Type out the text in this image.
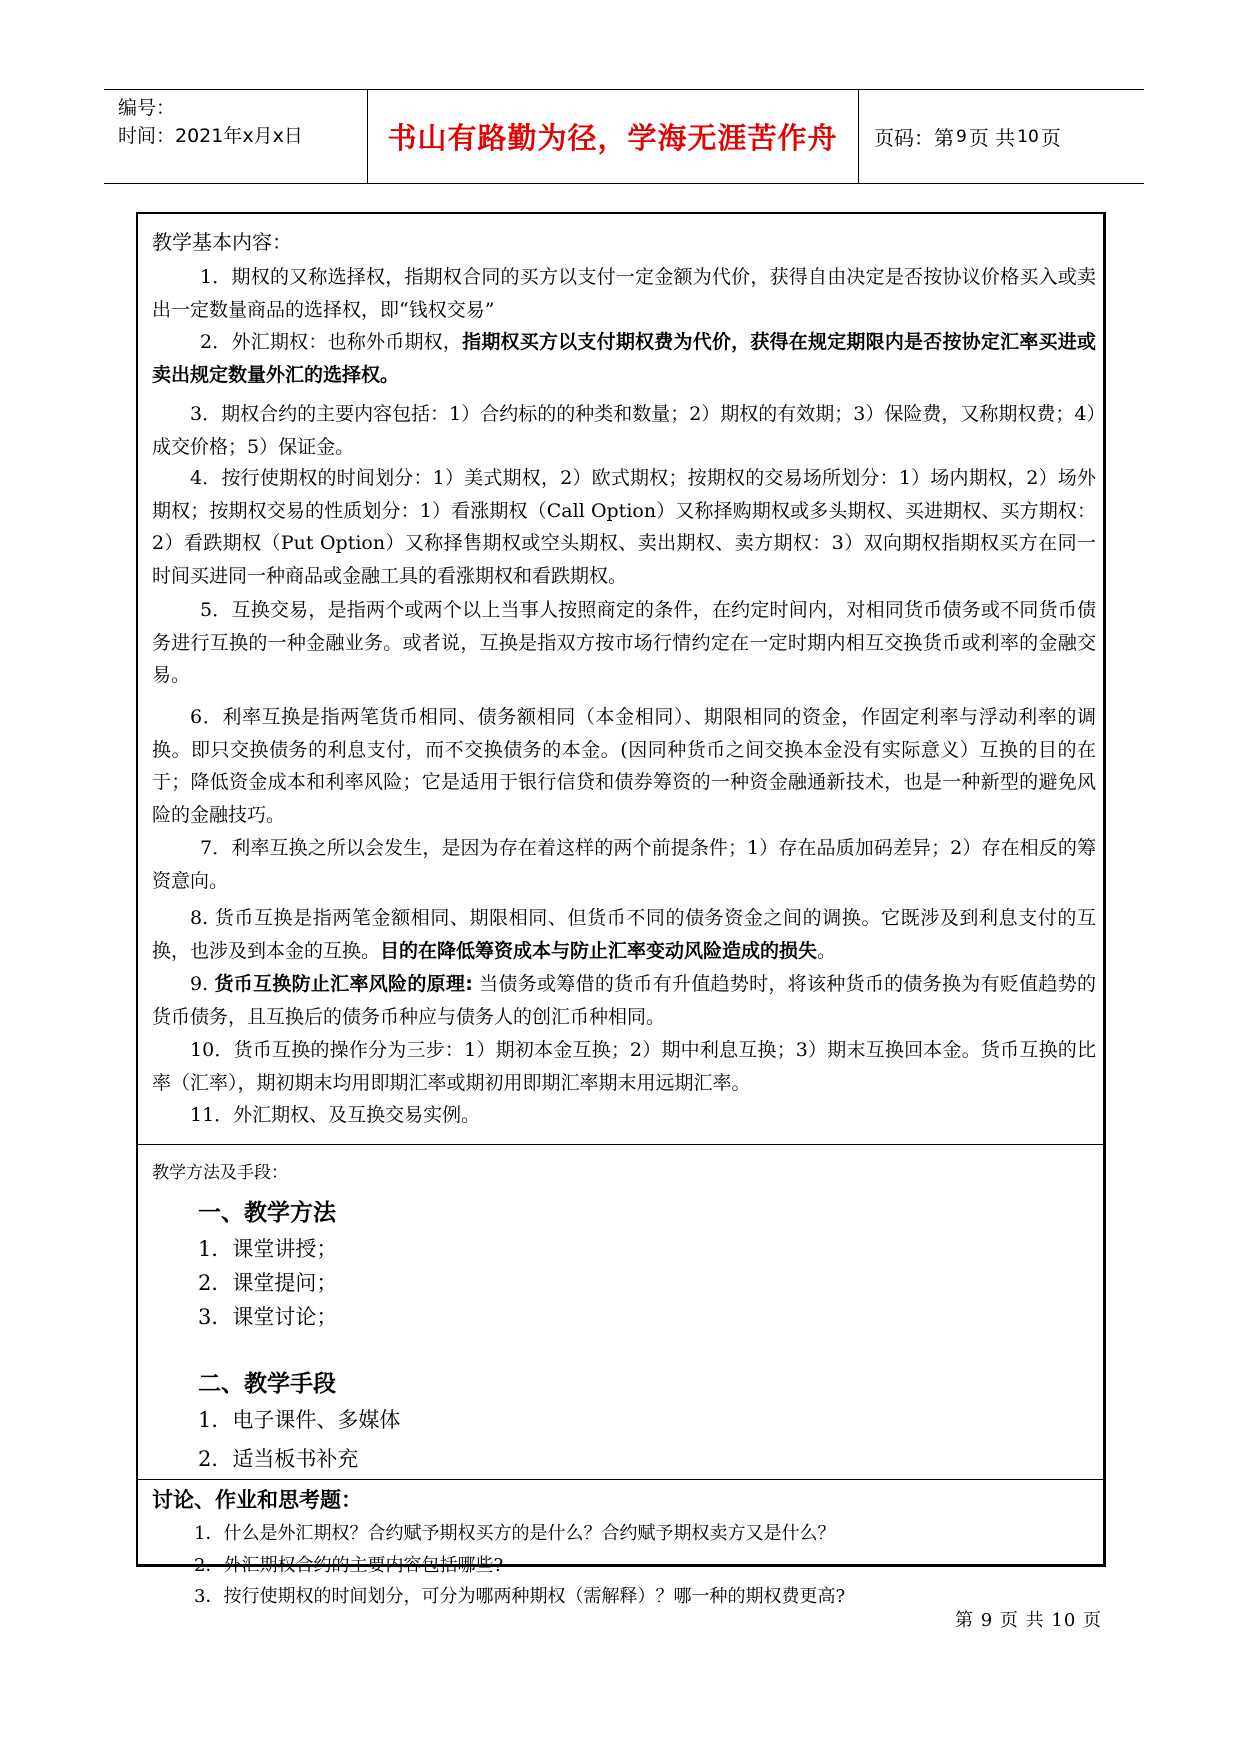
编号：
时间：2021年x月x日	书山有路勤为径，学海无涯苦作舟	页码：第 9 页 共 10 页
教学基本内容：
1．期权的又称选择权，指期权合同的买方以支付一定金额为代价，获得自由决定是否按协议价格买入或卖出一定数量商品的选择权，即“钱权交易”
2．外汇期权：也称外币期权，指期权买方以支付期权费为代价，获得在规定期限内是否按协定汇率买进或卖出规定数量外汇的选择权。
3．期权合约的主要内容包括：1）合约标的的种类和数量；2）期权的有效期；3）保险费，又称期权费；4）成交价格；5）保证金。
4．按行使期权的时间划分：1）美式期权，2）欧式期权；按期权的交易场所划分：1）场内期权，2）场外期权；按期权交易的性质划分：1）看涨期权（Call Option）又称择购期权或多头期权、买进期权、买方期权：2）看跌期权（Put Option）又称择售期权或空头期权、卖出期权、卖方期权：3）双向期权指期权买方在同一时间买进同一种商品或金融工具的看涨期权和看跌期权。
5．互换交易，是指两个或两个以上当事人按照商定的条件，在约定时间内，对相同货币债务或不同货币债务进行互换的一种金融业务。或者说，互换是指双方按市场行情约定在一定时期内相互交换货币或利率的金融交易。
6．利率互换是指两笔货币相同、债务额相同（本金相同）、期限相同的资金，作固定利率与浮动利率的调换。即只交换债务的利息支付，而不交换债务的本金。(因同种货币之间交换本金没有实际意义）互换的目的在于；降低资金成本和利率风险；它是适用于银行信贷和债券筹资的一种资金融通新技术，也是一种新型的避免风险的金融技巧。
7．利率互换之所以会发生，是因为存在着这样的两个前提条件；1）存在品质加码差异；2）存在相反的筹资意向。
8. 货币互换是指两笔金额相同、期限相同、但货币不同的债务资金之间的调换。它既涉及到利息支付的互换，也涉及到本金的互换。目的在降低筹资成本与防止汇率变动风险造成的损失。
9. 货币互换防止汇率风险的原理: 当债务或筹借的货币有升值趋势时，将该种货币的债务换为有贬值趋势的货币债务，且互换后的债务币种应与债务人的创汇币种相同。
10．货币互换的操作分为三步：1）期初本金互换；2）期中利息互换；3）期末互换回本金。货币互换的比率（汇率），期初期末均用即期汇率或期初用即期汇率期末用远期汇率。
11．外汇期权、及互换交易实例。
教学方法及手段：
一、教学方法
1．课堂讲授；
2．课堂提问；
3．课堂讨论；
二、教学手段
1．电子课件、多媒体
2．适当板书补充
讨论、作业和思考题：
1．什么是外汇期权？合约赋予期权买方的是什么？合约赋予期权卖方又是什么？
2．外汇期权合约的主要内容包括哪些?
3．按行使期权的时间划分，可分为哪两种期权（需解释）？哪一种的期权费更高?
第 9 页 共 10 页
